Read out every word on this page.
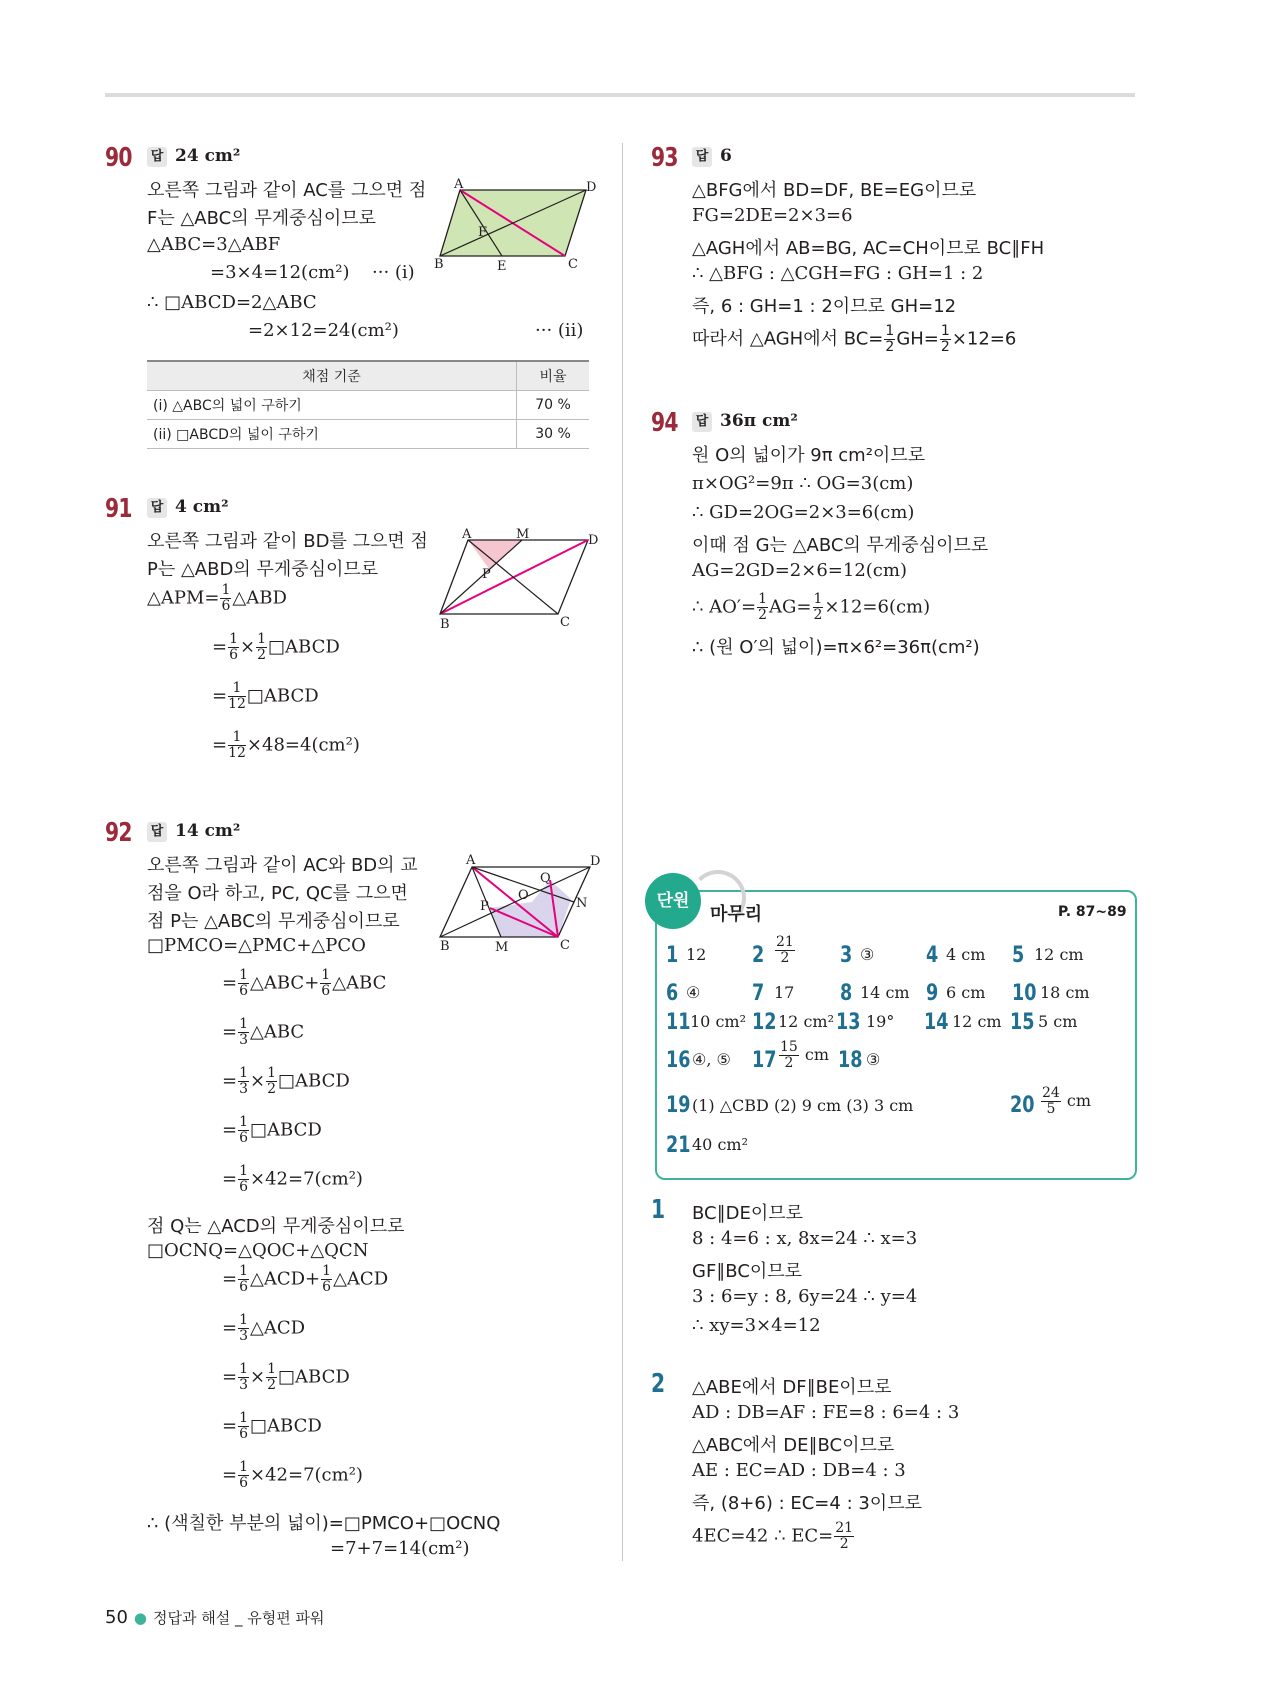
90 답 24 cm²
오른쪽 그림과 같이 AC를 그으면 점
F는 △ABC의 무게중심이므로
△ABC=3△ABF
=3×4=12(cm²) ··· (i)
∴ □ABCD=2△ABC
=2×12=24(cm²)	··· (ii)
A	D
B	C
E
F
채점 기준	비율
(i) △ABC의 넓이 구하기	70 %
(ii) □ABCD의 넓이 구하기	30 %
91 답 4 cm²
오른쪽 그림과 같이 BD를 그으면 점
P는 △ABD의 무게중심이므로
△APM= $\frac{1}{6}$ △ABD
= $\frac{1}{6} \times \frac{1}{2}$ □ABCD
= $\frac{1}{12}$ □ABCD
= $\frac{1}{12} \times 48=4(cm^2)$
A	M	D
P
B	C
92 답 14 cm²
오른쪽 그림과 같이 AC와 BD의 교
점을 O라 하고, PC, QC를 그으면
점 P는 △ABC의 무게중심이므로
□PMCO=△PMC+△PCO
= $\frac{1}{6}$ △ABC+ $\frac{1}{6}$ △ABC
= $\frac{1}{3}$ △ABC
= $\frac{1}{3} \times \frac{1}{2}$ □ABCD
= $\frac{1}{6}$ □ABCD
= $\frac{1}{6} \times 42=7(cm^2)$
점 Q는 △ACD의 무게중심이므로
□OCNQ=△QOC+△QCN
= $\frac{1}{6}$ △ACD+ $\frac{1}{6}$ △ACD
= $\frac{1}{3}$ △ACD
= $\frac{1}{3} \times \frac{1}{2}$ □ABCD
= $\frac{1}{6}$ □ABCD
= $\frac{1}{6} \times 42=7(cm^2)$
∴ (색칠한 부분의 넓이)=□PMCO+□OCNQ
=7+7=14(cm²)
A	D
Q
O
P	N
B	M	C
93 답 6
△BFG에서 BD=DF, BE=EG이므로
FG=2DE=2×3=6
△AGH에서 AB=BG, AC=CH이므로 BC∥FH
∴ △BFG : △CGH=FG : GH=1 : 2
즉, 6 : GH=1 : 2이므로 GH=12
따라서 △AGH에서 $BC= \frac{1}{2} GH= \frac{1}{2} \times 12=6$
94 답 36π cm²
원 O의 넓이가 9π cm²이므로
π×OG²=9π ∴ OG=3(cm)
∴ GD=2OG=2×3=6(cm)
이때 점 G는 △ABC의 무게중심이므로
AG=2GD=2×6=12(cm)
∴ $AO'= \frac{1}{2} AG= \frac{1}{2} \times 12=6(cm)$
∴ (원 O′의 넓이)=π×6²=36π(cm²)
단원
마무리	P. 87~89
1 12 $2 \frac{21}{2} 3$ ③ 4 4 cm 5 12 cm
6 ④ 7 17 8 14 cm 9 6 cm 10 18 cm
11 10 cm² 12 12 cm² 13 19° 14 12 cm 15 5 cm
16 ④, ⑤ $17 \frac{15}{2}$ cm 18 ③
19 (1) △CBD (2) 9 cm (3) 3 cm	$20 \frac{24}{5}$ cm
21 40 cm²
1 BC∥DE이므로
8 : 4=6 : x, 8x=24 ∴ x=3
GF∥BC이므로
3 : 6=y : 8, 6y=24 ∴ y=4
∴ xy=3×4=12
2 △ABE에서 DF∥BE이므로
AD : DB=AF : FE=8 : 6=4 : 3
△ABC에서 DE∥BC이므로
AE : EC=AD : DB=4 : 3
즉, (8+6) : EC=4 : 3이므로
4EC=42 ∴ $EC= \frac{21}{2}$
50 ● 정답과 해설 _ 유형편 파워
